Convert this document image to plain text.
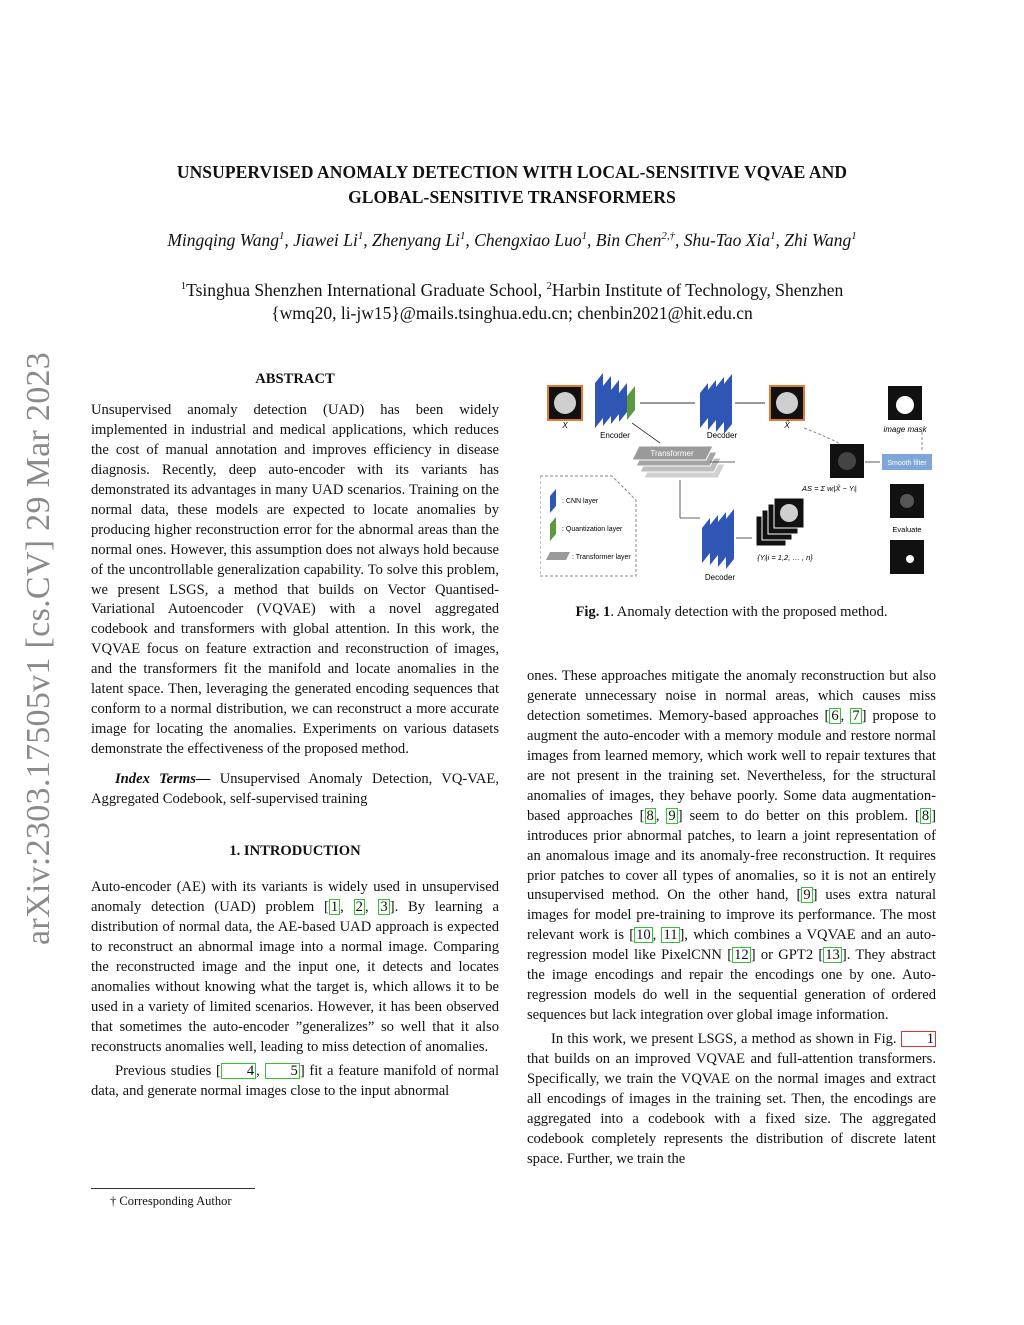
UNSUPERVISED ANOMALY DETECTION WITH LOCAL-SENSITIVE VQVAE AND
GLOBAL-SENSITIVE TRANSFORMERS
Mingqing Wang$^1$, Jiawei Li$^1$, Zhenyang Li$^1$, Chengxiao Luo$^1$, Bin Chen$^{2,\dagger}$, Shu-Tao Xia$^1$, Zhi Wang$^1$
$^1$Tsinghua Shenzhen International Graduate School, $^2$Harbin Institute of Technology, Shenzhen
{wmq20, li-jw15}@mails.tsinghua.edu.cn; chenbin2021@hit.edu.cn
arXiv:2303.17505v1 [cs.CV] 29 Mar 2023	ABSTRACT

Unsupervised anomaly detection (UAD) has been widely implemented in industrial and medical applications, which reduces the cost of manual annotation and improves efficiency in disease diagnosis. Recently, deep auto-encoder with its variants has demonstrated its advantages in many UAD scenarios. Training on the normal data, these models are expected to locate anomalies by producing higher reconstruction error for the abnormal areas than the normal ones. However, this assumption does not always hold because of the uncontrollable generalization capability. To solve this problem, we present LSGS, a method that builds on Vector Quantised-Variational Autoencoder (VQVAE) with a novel aggregated codebook and transformers with global attention. In this work, the VQVAE focus on feature extraction and reconstruction of images, and the transformers fit the manifold and locate anomalies in the latent space. Then, leveraging the generated encoding sequences that conform to a normal distribution, we can reconstruct a more accurate image for locating the anomalies. Experiments on various datasets demonstrate the effectiveness of the proposed method.

Index Terms— Unsupervised Anomaly Detection, VQ-VAE, Aggregated Codebook, self-supervised training

1. INTRODUCTION

Auto-encoder (AE) with its variants is widely used in unsupervised anomaly detection (UAD) problem [ 1 , 2 , 3 ]. By learning a distribution of normal data, the AE-based UAD approach is expected to reconstruct an abnormal image into a normal image. Comparing the reconstructed image and the input one, it detects and locates anomalies without knowing what the target is, which allows it to be used in a variety of limited scenarios. However, it has been observed that sometimes the auto-encoder ”generalizes” so well that it also reconstructs anomalies well, leading to miss detection of anomalies.

Previous studies [ 4 , 5 ] fit a feature manifold of normal data, and generate normal images close to the input abnormal

† Corresponding Author
X
Encoder	Decoder
X̂	image mask
Transformer
: CNN layer
: Quantization layer
: Transformer layer
Decoder
{Yᵢ|i = 1,2, … , n}
AS = Σ wᵢ|X̂ − Yᵢ|
Smooth filter
Evaluate
Fig. 1. Anomaly detection with the proposed method.

ones. These approaches mitigate the anomaly reconstruction but also generate unnecessary noise in normal areas, which causes miss detection sometimes. Memory-based approaches [ 6 , 7 ] propose to augment the auto-encoder with a memory module and restore normal images from learned memory, which work well to repair textures that are not present in the training set. Nevertheless, for the structural anomalies of images, they behave poorly. Some data augmentation-based approaches [ 8 , 9 ] seem to do better on this problem. [ 8 ] introduces prior abnormal patches, to learn a joint representation of an anomalous image and its anomaly-free reconstruction. It requires prior patches to cover all types of anomalies, so it is not an entirely unsupervised method. On the other hand, [ 9 ] uses extra natural images for model pre-training to improve its performance. The most relevant work is [ 10 , 11 ], which combines a VQVAE and an auto-regression model like PixelCNN [ 12 ] or GPT2 [ 13 ]. They abstract the image encodings and repair the encodings one by one. Auto-regression models do well in the sequential generation of ordered sequences but lack integration over global image information.

In this work, we present LSGS, a method as shown in Fig. 1 that builds on an improved VQVAE and full-attention transformers. Specifically, we train the VQVAE on the normal images and extract all encodings of images in the training set. Then, the encodings are aggregated into a codebook with a fixed size. The aggregated codebook completely represents the distribution of discrete latent space. Further, we train the
